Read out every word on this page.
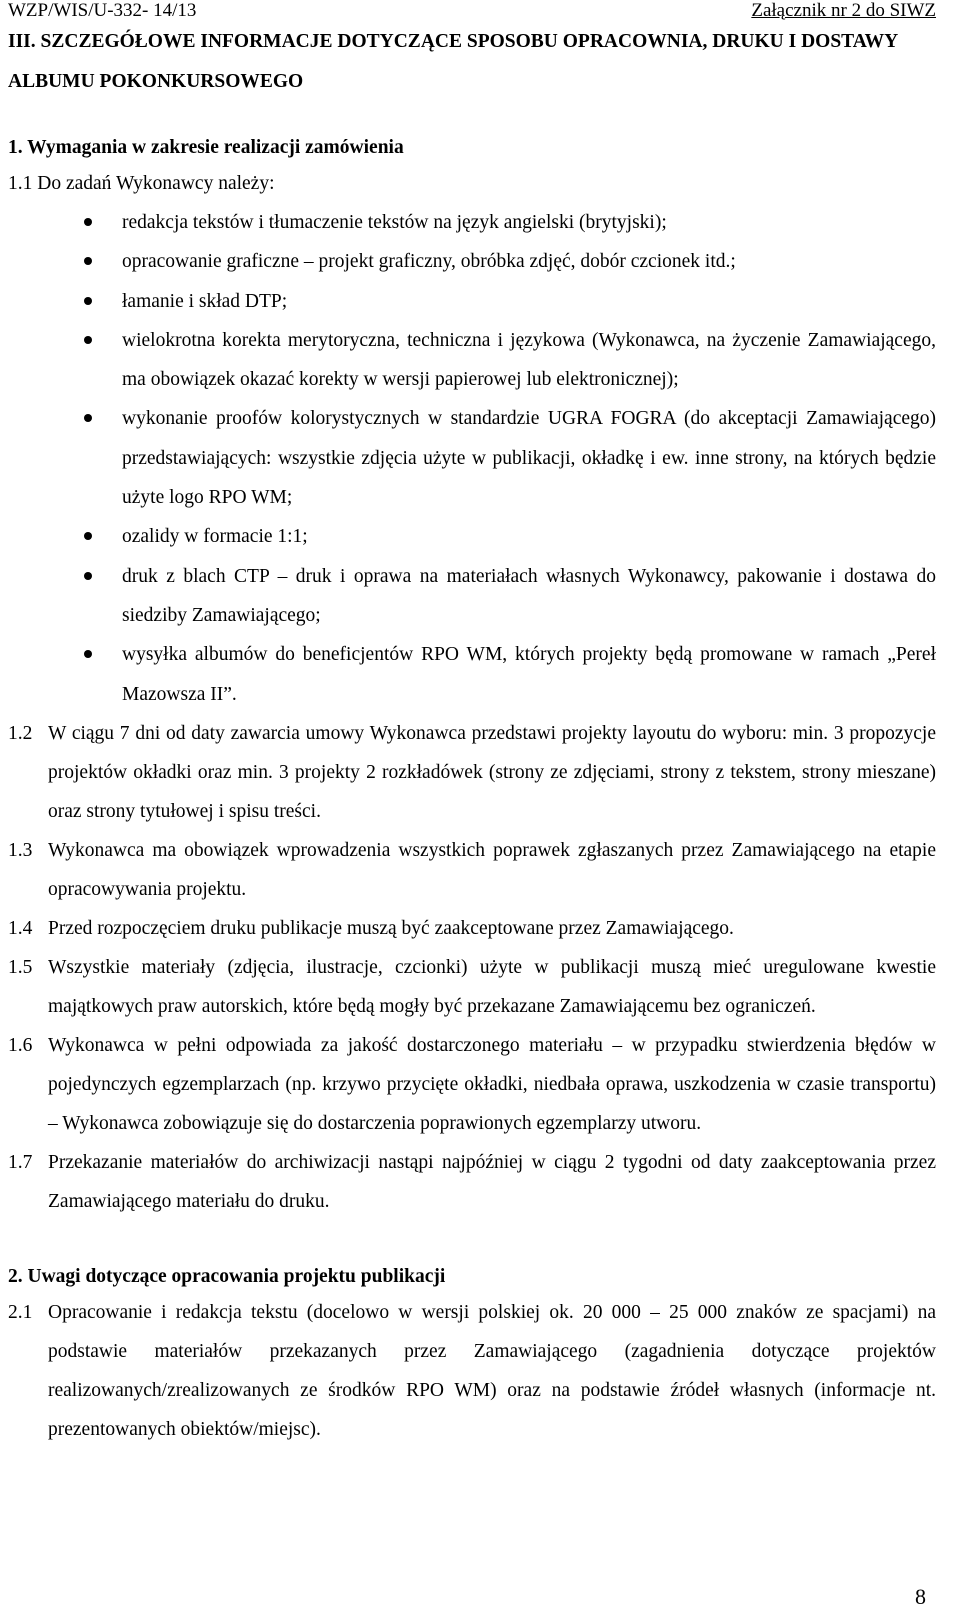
WZP/WIS/U-332- 14/13	Załącznik nr 2 do SIWZ
III. SZCZEGÓŁOWE INFORMACJE DOTYCZĄCE SPOSOBU OPRACOWNIA, DRUKU I DOSTAWY ALBUMU POKONKURSOWEGO
1. Wymagania w zakresie realizacji zamówienia
1.1 Do zadań Wykonawcy należy:
redakcja tekstów i tłumaczenie tekstów na język angielski (brytyjski);
opracowanie graficzne – projekt graficzny, obróbka zdjęć, dobór czcionek itd.;
łamanie i skład DTP;
wielokrotna korekta merytoryczna, techniczna i językowa (Wykonawca, na życzenie Zamawiającego, ma obowiązek okazać korekty w wersji papierowej lub elektronicznej);
wykonanie proofów kolorystycznych w standardzie UGRA FOGRA (do akceptacji Zamawiającego) przedstawiających: wszystkie zdjęcia użyte w publikacji, okładkę i ew. inne strony, na których będzie użyte logo RPO WM;
ozalidy w formacie 1:1;
druk z blach CTP – druk i oprawa na materiałach własnych Wykonawcy, pakowanie i dostawa do siedziby Zamawiającego;
wysyłka albumów do beneficjentów RPO WM, których projekty będą promowane w ramach „Pereł Mazowsza II”.
1.2 W ciągu 7 dni od daty zawarcia umowy Wykonawca przedstawi projekty layoutu do wyboru: min. 3 propozycje projektów okładki oraz min. 3 projekty 2 rozkładówek (strony ze zdjęciami, strony z tekstem, strony mieszane) oraz strony tytułowej i spisu treści.
1.3 Wykonawca ma obowiązek wprowadzenia wszystkich poprawek zgłaszanych przez Zamawiającego na etapie opracowywania projektu.
1.4 Przed rozpoczęciem druku publikacje muszą być zaakceptowane przez Zamawiającego.
1.5 Wszystkie materiały (zdjęcia, ilustracje, czcionki) użyte w publikacji muszą mieć uregulowane kwestie majątkowych praw autorskich, które będą mogły być przekazane Zamawiającemu bez ograniczeń.
1.6 Wykonawca w pełni odpowiada za jakość dostarczonego materiału – w przypadku stwierdzenia błędów w pojedynczych egzemplarzach (np. krzywo przycięte okładki, niedbała oprawa, uszkodzenia w czasie transportu) – Wykonawca zobowiązuje się do dostarczenia poprawionych egzemplarzy utworu.
1.7 Przekazanie materiałów do archiwizacji nastąpi najpóźniej w ciągu 2 tygodni od daty zaakceptowania przez Zamawiającego materiału do druku.
2. Uwagi dotyczące opracowania projektu publikacji
2.1 Opracowanie i redakcja tekstu (docelowo w wersji polskiej ok. 20 000 – 25 000 znaków ze spacjami) na podstawie materiałów przekazanych przez Zamawiającego (zagadnienia dotyczące projektów realizowanych/zrealizowanych ze środków RPO WM) oraz na podstawie źródeł własnych (informacje nt. prezentowanych obiektów/miejsc).
8
